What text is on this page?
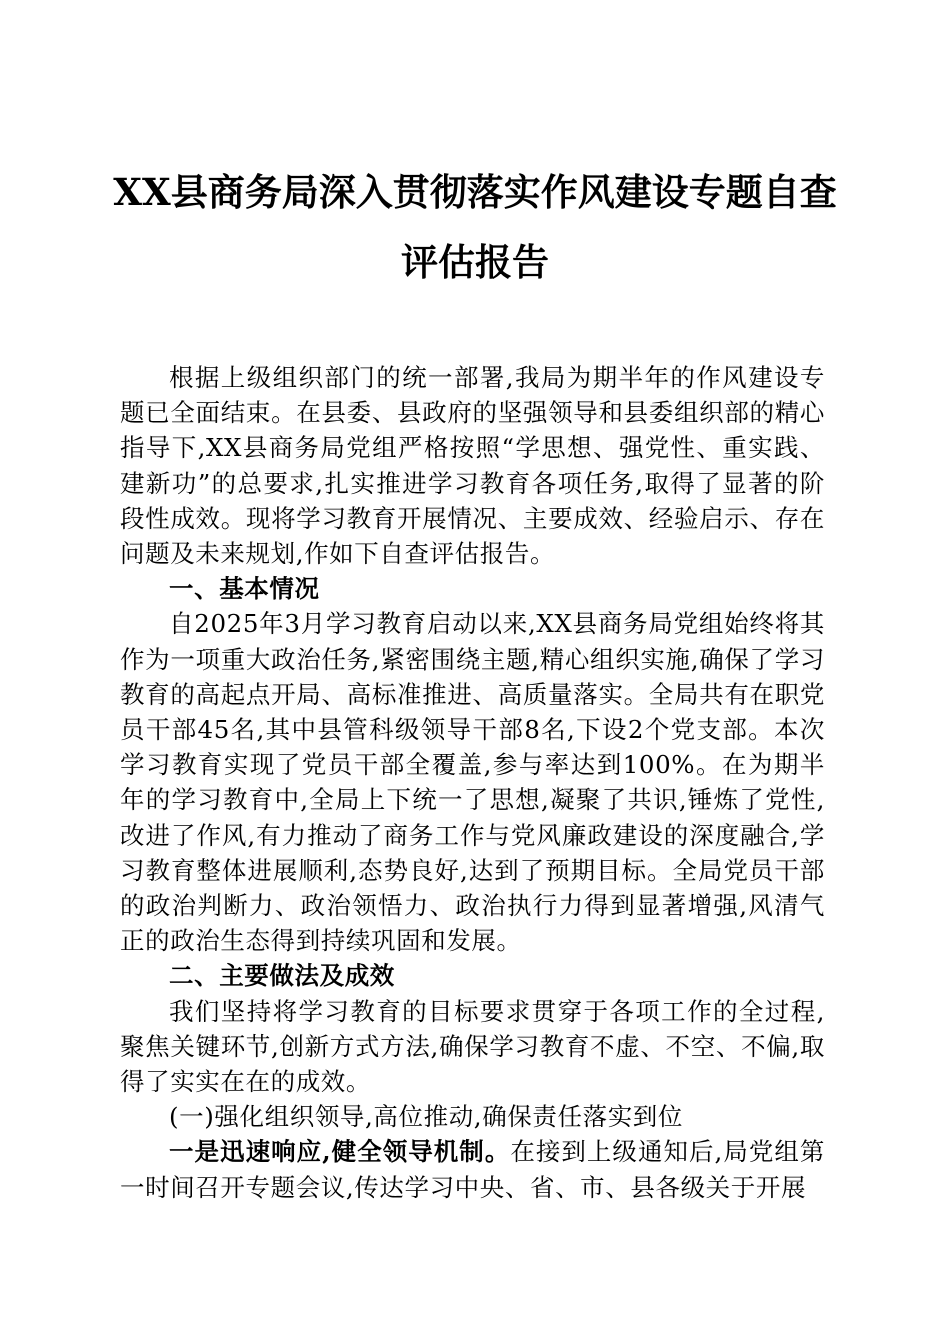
XX县商务局深入贯彻落实作风建设专题自查
评估报告

根据上级组织部门的统一部署,我局为期半年的作风建设专题已全面结束。在县委、县政府的坚强领导和县委组织部的精心指导下,XX县商务局党组严格按照“学思想、强党性、重实践、建新功”的总要求,扎实推进学习教育各项任务,取得了显著的阶段性成效。现将学习教育开展情况、主要成效、经验启示、存在问题及未来规划,作如下自查评估报告。

一、基本情况

自2025年3月学习教育启动以来,XX县商务局党组始终将其作为一项重大政治任务,紧密围绕主题,精心组织实施,确保了学习教育的高起点开局、高标准推进、高质量落实。全局共有在职党员干部45名,其中县管科级领导干部8名,下设2个党支部。本次学习教育实现了党员干部全覆盖,参与率达到100%。在为期半年的学习教育中,全局上下统一了思想,凝聚了共识,锤炼了党性,改进了作风,有力推动了商务工作与党风廉政建设的深度融合,学习教育整体进展顺利,态势良好,达到了预期目标。全局党员干部的政治判断力、政治领悟力、政治执行力得到显著增强,风清气正的政治生态得到持续巩固和发展。

二、主要做法及成效

我们坚持将学习教育的目标要求贯穿于各项工作的全过程,聚焦关键环节,创新方式方法,确保学习教育不虚、不空、不偏,取得了实实在在的成效。

(一)强化组织领导,高位推动,确保责任落实到位

一是迅速响应,健全领导机制。在接到上级通知后,局党组第一时间召开专题会议,传达学习中央、省、市、县各级关于开展
